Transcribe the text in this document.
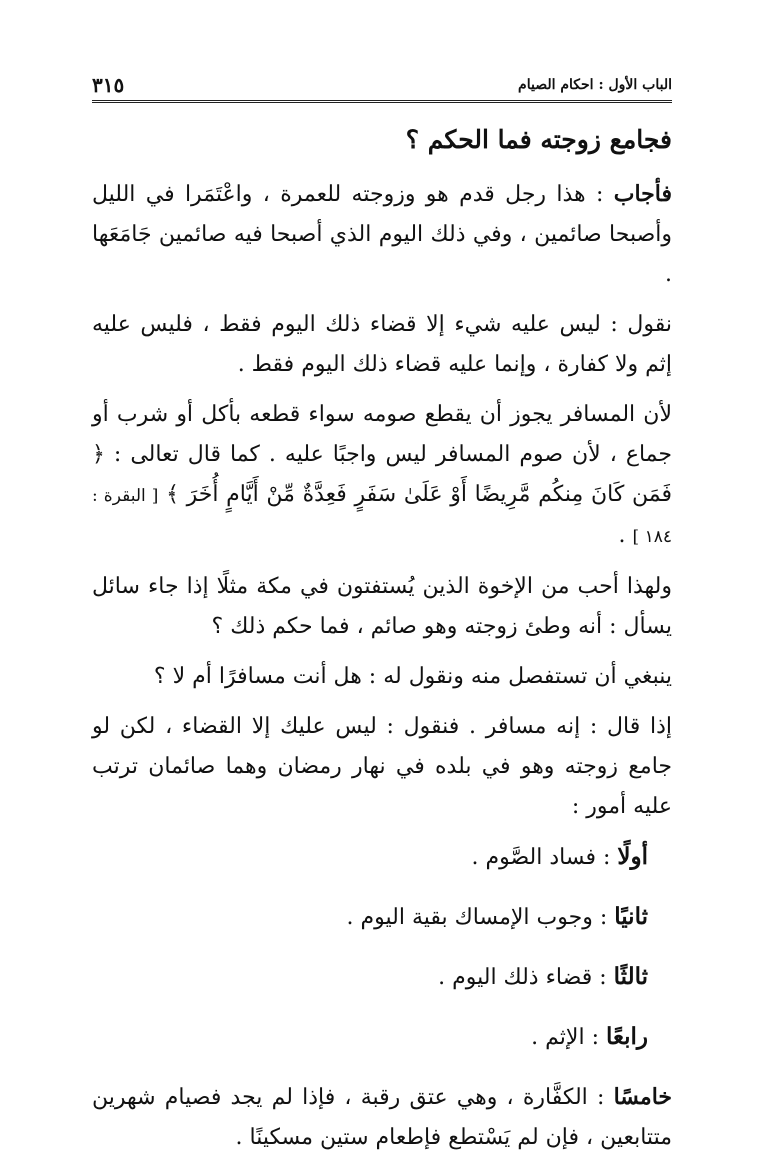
الباب الأول : احكام الصيام
٣١٥

فجامع زوجته فما الحكم ؟

فأجاب : هذا رجل قدم هو وزوجته للعمرة ، واعْتَمَرا في الليل وأصبحا صائمين ، وفي ذلك اليوم الذي أصبحا فيه صائمين جَامَعَها .

نقول : ليس عليه شيء إلا قضاء ذلك اليوم فقط ، فليس عليه إثم ولا كفارة ، وإنما عليه قضاء ذلك اليوم فقط .

لأن المسافر يجوز أن يقطع صومه سواء قطعه بأكل أو شرب أو جماع ، لأن صوم المسافر ليس واجبًا عليه . كما قال تعالى : ﴿ فَمَن كَانَ مِنكُم مَّرِيضًا أَوْ عَلَىٰ سَفَرٍ فَعِدَّةٌ مِّنْ أَيَّامٍ أُخَرَ ﴾ [ البقرة : ١٨٤ ] .

ولهذا أحب من الإخوة الذين يُستفتون في مكة مثلًا إذا جاء سائل يسأل : أنه وطئ زوجته وهو صائم ، فما حكم ذلك ؟

ينبغي أن تستفصل منه ونقول له : هل أنت مسافرًا أم لا ؟

إذا قال : إنه مسافر . فنقول : ليس عليك إلا القضاء ، لكن لو جامع زوجته وهو في بلده في نهار رمضان وهما صائمان ترتب عليه أمور :

أولًا : فساد الصَّوم .
ثانيًا : وجوب الإمساك بقية اليوم .
ثالثًا : قضاء ذلك اليوم .
رابعًا : الإثم .

خامسًا : الكفَّارة ، وهي عتق رقبة ، فإذا لم يجد فصيام شهرين متتابعين ، فإن لم يَسْتطع فإطعام ستين مسكينًا .
